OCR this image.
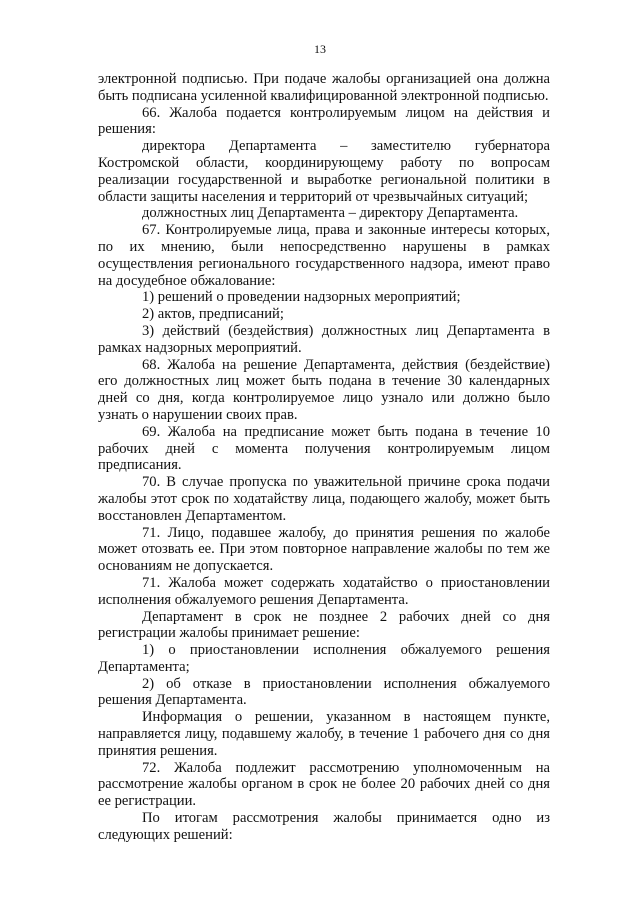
13

электронной подписью. При подаче жалобы организацией она должна быть подписана усиленной квалифицированной электронной подписью.

66. Жалоба подается контролируемым лицом на действия и решения:

директора Департамента – заместителю губернатора Костромской области, координирующему работу по вопросам реализации государственной и выработке региональной политики в области защиты населения и территорий от чрезвычайных ситуаций;

должностных лиц Департамента – директору Департамента.

67. Контролируемые лица, права и законные интересы которых, по их мнению, были непосредственно нарушены в рамках осуществления регионального государственного надзора, имеют право на досудебное обжалование:

1) решений о проведении надзорных мероприятий;

2) актов, предписаний;

3) действий (бездействия) должностных лиц Департамента в рамках надзорных мероприятий.

68. Жалоба на решение Департамента, действия (бездействие) его должностных лиц может быть подана в течение 30 календарных дней со дня, когда контролируемое лицо узнало или должно было узнать о нарушении своих прав.

69. Жалоба на предписание может быть подана в течение 10 рабочих дней с момента получения контролируемым лицом предписания.

70. В случае пропуска по уважительной причине срока подачи жалобы этот срок по ходатайству лица, подающего жалобу, может быть восстановлен Департаментом.

71. Лицо, подавшее жалобу, до принятия решения по жалобе может отозвать ее. При этом повторное направление жалобы по тем же основаниям не допускается.

71. Жалоба может содержать ходатайство о приостановлении исполнения обжалуемого решения Департамента.

Департамент в срок не позднее 2 рабочих дней со дня регистрации жалобы принимает решение:

1) о приостановлении исполнения обжалуемого решения Департамента;

2) об отказе в приостановлении исполнения обжалуемого решения Департамента.

Информация о решении, указанном в настоящем пункте, направляется лицу, подавшему жалобу, в течение 1 рабочего дня со дня принятия решения.

72. Жалоба подлежит рассмотрению уполномоченным на рассмотрение жалобы органом в срок не более 20 рабочих дней со дня ее регистрации.

По итогам рассмотрения жалобы принимается одно из следующих решений:
